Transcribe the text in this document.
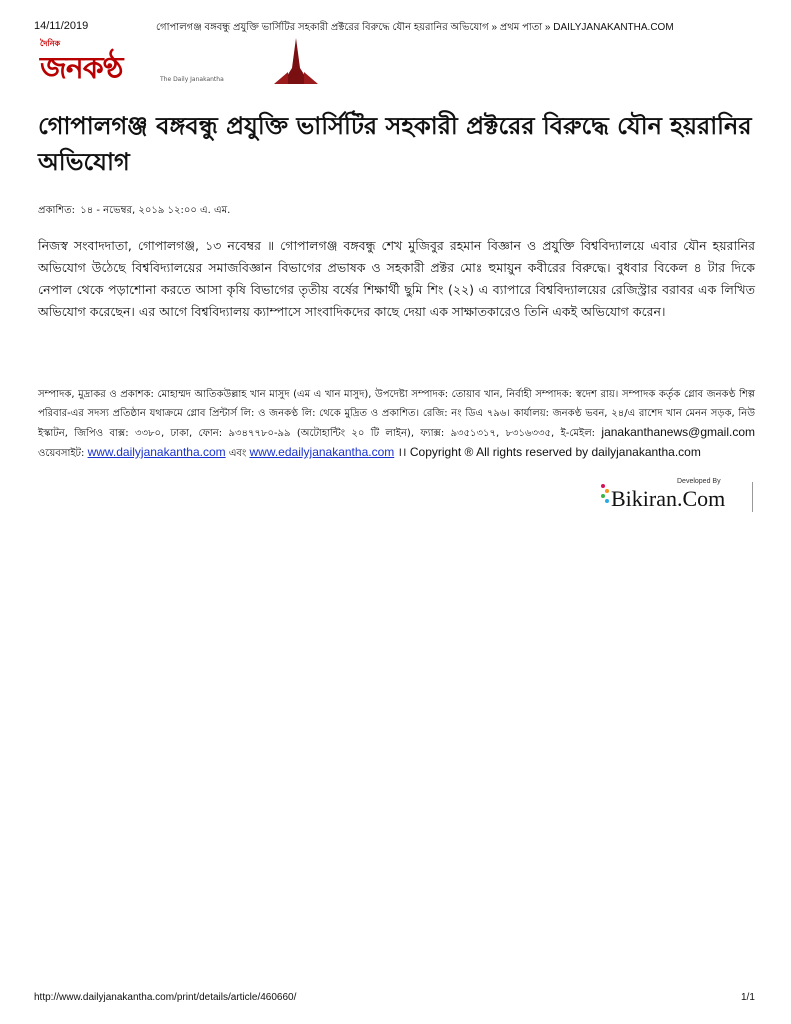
14/11/2019	গোপালগঞ্জ বঙ্গবন্ধু প্রযুক্তি ভার্সিটির সহকারী প্রক্টরের বিরুদ্ধে যৌন হয়রানির অভিযোগ » প্রথম পাতা » DAILYJANAKANTHA.COM
দৈনিক
জনকণ্ঠ	The Daily Janakantha
গোপালগঞ্জ বঙ্গবন্ধু প্রযুক্তি ভার্সিটির সহকারী প্রক্টরের বিরুদ্ধে যৌন হয়রানির অভিযোগ
প্রকাশিত: ১৪ - নভেম্বর, ২০১৯ ১২:০০ এ. এম.

নিজস্ব সংবাদদাতা, গোপালগঞ্জ, ১৩ নবেম্বর ॥ গোপালগঞ্জ বঙ্গবন্ধু শেখ মুজিবুর রহমান বিজ্ঞান ও প্রযুক্তি বিশ্ববিদ্যালয়ে এবার যৌন হয়রানির অভিযোগ উঠেছে বিশ্ববিদ্যালয়ের সমাজবিজ্ঞান বিভাগের প্রভাষক ও সহকারী প্রক্টর মোঃ হুমায়ুন কবীরের বিরুদ্ধে। বুধবার বিকেল ৪ টার দিকে নেপাল থেকে পড়াশোনা করতে আসা কৃষি বিভাগের তৃতীয় বর্ষের শিক্ষার্থী ছুমি শিং (২২) এ ব্যাপারে বিশ্ববিদ্যালয়ের রেজিস্ট্রার বরাবর এক লিখিত অভিযোগ করেছেন। এর আগে বিশ্ববিদ্যালয় ক্যাম্পাসে সাংবাদিকদের কাছে দেয়া এক সাক্ষাতকারেও তিনি একই অভিযোগ করেন।

সম্পাদক, মুদ্রাকর ও প্রকাশক: মোহাম্মদ আতিকউল্লাহ খান মাসুদ (এম এ খান মাসুদ), উপদেষ্টা সম্পাদক: তোয়াব খান, নির্বাহী সম্পাদক: স্বদেশ রায়। সম্পাদক কর্তৃক গ্লোব জনকণ্ঠ শিল্প পরিবার-এর সদস্য প্রতিষ্ঠান যথাক্রমে গ্লোব প্রিন্টার্স লি: ও জনকণ্ঠ লি: থেকে মুদ্রিত ও প্রকাশিত। রেজি: নং ডিএ ৭৯৬। কার্যালয়: জনকণ্ঠ ভবন, ২৪/এ রাশেদ খান মেনন সড়ক, নিউ ইস্কাটন, জিপিও বাক্স: ৩৩৮০, ঢাকা, ফোন: ৯৩৪৭৭৮০-৯৯ (অটোহান্টিং ২০ টি লাইন), ফ্যাক্স: ৯৩৫১৩১৭, ৮৩১৬৩৩৫, ই-মেইল: janakanthanews@gmail.com ওয়েবসাইট: www.dailyjanakantha.com এবং www.edailyjanakantha.com ।। Copyright ® All rights reserved by dailyjanakantha.com
Developed By
Bikiran.Com
http://www.dailyjanakantha.com/print/details/article/460660/	1/1
